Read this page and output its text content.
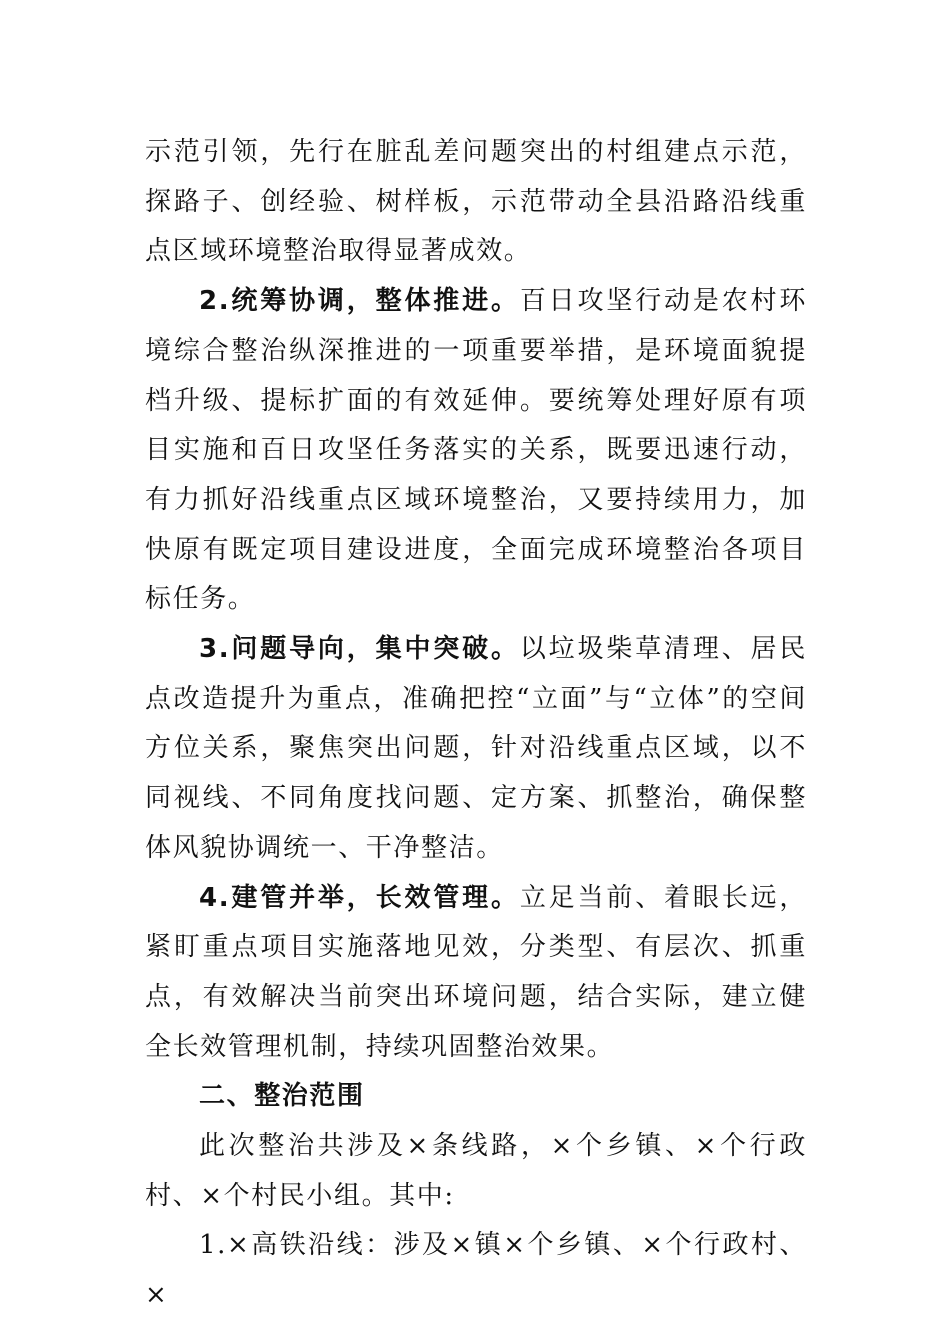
示范引领，先行在脏乱差问题突出的村组建点示范，探路子、创经验、树样板，示范带动全县沿路沿线重点区域环境整治取得显著成效。

2.统筹协调，整体推进。百日攻坚行动是农村环境综合整治纵深推进的一项重要举措，是环境面貌提档升级、提标扩面的有效延伸。要统筹处理好原有项目实施和百日攻坚任务落实的关系，既要迅速行动，有力抓好沿线重点区域环境整治，又要持续用力，加快原有既定项目建设进度，全面完成环境整治各项目标任务。

3.问题导向，集中突破。以垃圾柴草清理、居民点改造提升为重点，准确把控“立面”与“立体”的空间方位关系，聚焦突出问题，针对沿线重点区域，以不同视线、不同角度找问题、定方案、抓整治，确保整体风貌协调统一、干净整洁。

4.建管并举，长效管理。立足当前、着眼长远，紧盯重点项目实施落地见效，分类型、有层次、抓重点，有效解决当前突出环境问题，结合实际，建立健全长效管理机制，持续巩固整治效果。

二、整治范围

此次整治共涉及×条线路，×个乡镇、×个行政村、×个村民小组。其中:

1.×高铁沿线：涉及×镇×个乡镇、×个行政村、×
